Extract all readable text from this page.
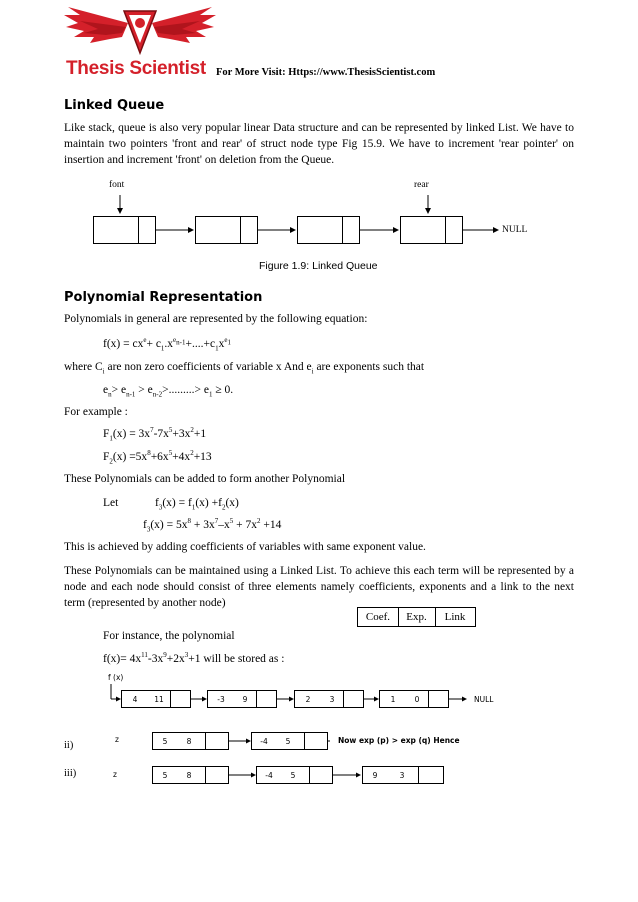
Thesis Scientist For More Visit: Https://www.ThesisScientist.com
Linked Queue
Like stack, queue is also very popular linear Data structure and can be represented by linked List. We have to maintain two pointers 'front and rear' of struct node type Fig 15.9. We have to increment 'rear pointer' on insertion and increment 'front' on deletion from the Queue.
font	rear
NULL
Figure 1.9: Linked Queue
Polynomial Representation
Polynomials in general are represented by the following equation:
$f(x) = cx^e+ c_1.x^{e_{n-1}}+....+c_1x^{e_1}$
where $C_i$ are non zero coefficients of variable x And $e_i$ are exponents such that
$e_n> e_{n-1} > e_{n-2}>.........> e_1 \ge 0$.
For example :
$F_1(x) = 3x^7-7x^5+3x^2+1$
$F_2(x) =5x^8+6x^5+4x^2+13$
These Polynomials can be added to form another Polynomial
Let	$f_3(x) = f_1(x) +f_2(x)$
$f_3(x) = 5x^8 + 3x^7-x^5 + 7x^2 +14$
This is achieved by adding coefficients of variables with same exponent value.
These Polynomials can be maintained using a Linked List. To achieve this each term will be represented by a node and each node should consist of three elements namely coefficients, exponents and a link to the next term (represented by another node)
Coef.	Exp.	Link
For instance, the polynomial
$f(x)= 4x^{11}-3x^9+2x^3+1$ will be stored as :
f (x)
4	11	-3	9	2	3	1	0	NULL
z	5	8	-4	5	Now exp (p) > exp (q) Hence
ii)
iii)	z	5	8	-4	5	9	3
